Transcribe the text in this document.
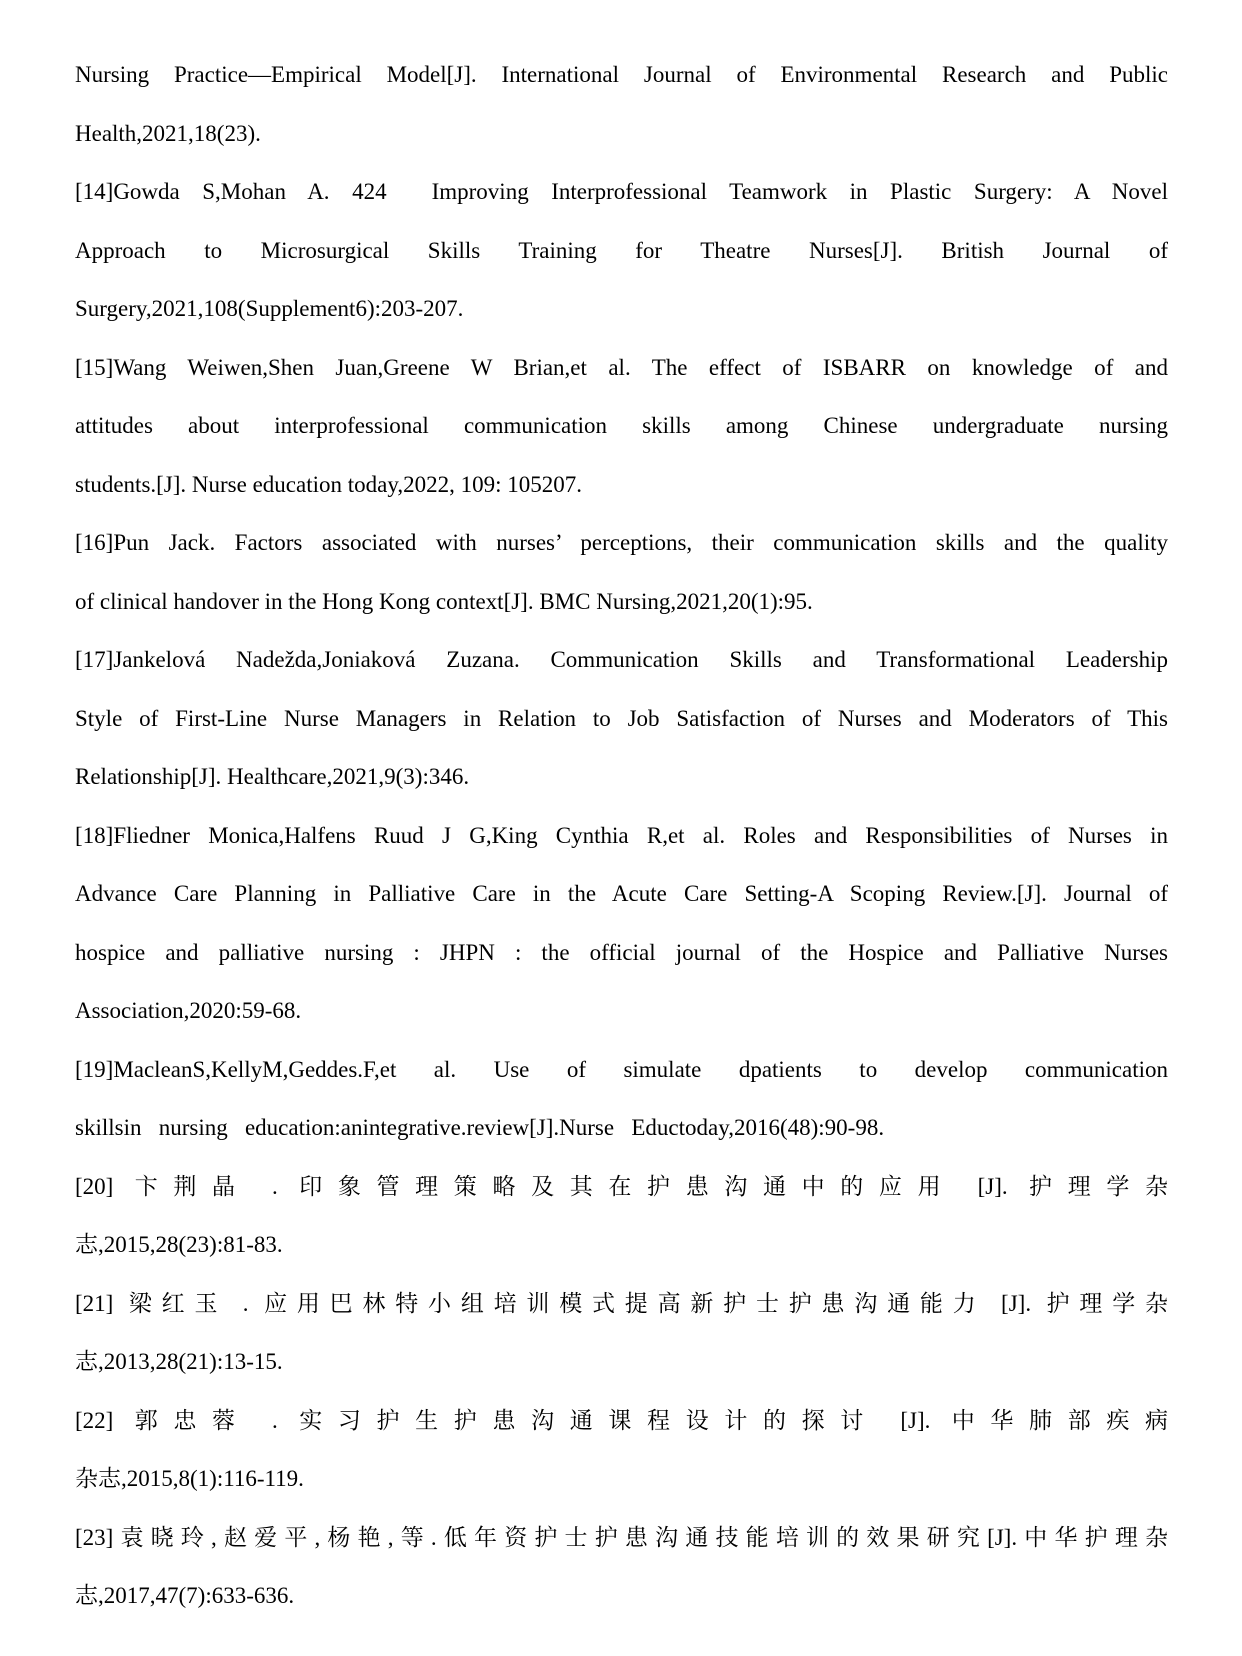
Nursing Practice—Empirical Model[J]. International Journal of Environmental Research and Public
Health,2021,18(23).

[14]Gowda S,Mohan A. 424  Improving Interprofessional Teamwork in Plastic Surgery: A Novel
Approach to Microsurgical Skills Training for Theatre Nurses[J]. British Journal of
Surgery,2021,108(Supplement6):203-207.

[15]Wang Weiwen,Shen Juan,Greene W Brian,et al. The effect of ISBARR on knowledge of and
attitudes about interprofessional communication skills among Chinese undergraduate nursing
students.[J]. Nurse education today,2022, 109: 105207.

[16]Pun Jack. Factors associated with nurses’ perceptions, their communication skills and the quality
of clinical handover in the Hong Kong context[J]. BMC Nursing,2021,20(1):95.

[17]Jankelová Nadežda,Joniaková Zuzana. Communication Skills and Transformational Leadership
Style of First-Line Nurse Managers in Relation to Job Satisfaction of Nurses and Moderators of This
Relationship[J]. Healthcare,2021,9(3):346.

[18]Fliedner Monica,Halfens Ruud J G,King Cynthia R,et al. Roles and Responsibilities of Nurses in
Advance Care Planning in Palliative Care in the Acute Care Setting-A Scoping Review.[J]. Journal of
hospice and palliative nursing : JHPN : the official journal of the Hospice and Palliative Nurses
Association,2020:59-68.

[19]MacleanS,KellyM,Geddes.F,et al. Use of simulate dpatients to develop communication
skillsin   nursing   education:anintegrative.review[J].Nurse   Eductoday,2016(48):90-98.

[20] 卞荆晶 . 印象管理策略及其在护患沟通中的应用 [J]. 护理学杂
志,2015,28(23):81-83.

[21] 梁红玉 . 应用巴林特小组培训模式提高新护士护患沟通能力 [J]. 护理学杂
志,2013,28(21):13-15.

[22] 郭忠蓉 . 实习护生护患沟通课程设计的探讨 [J]. 中华肺部疾病
杂志,2015,8(1):116-119.

[23]袁晓玲,赵爱平,杨艳,等.低年资护士护患沟通技能培训的效果研究[J].中华护理杂
志,2017,47(7):633-636.
